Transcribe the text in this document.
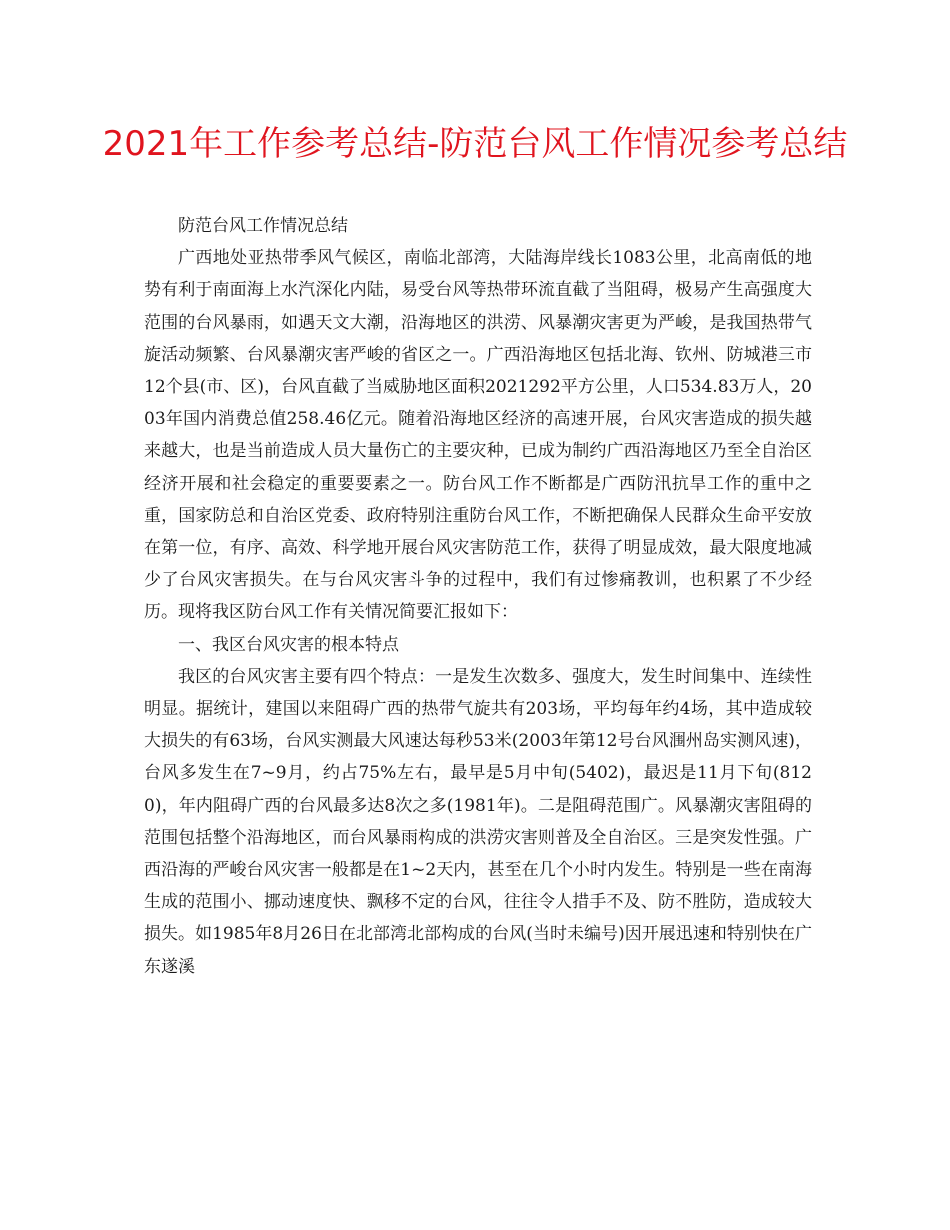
2021年工作参考总结-防范台风工作情况参考总结

防范台风工作情况总结

广西地处亚热带季风气候区，南临北部湾，大陆海岸线长1083公里，北高南低的地势有利于南面海上水汽深化内陆，易受台风等热带环流直截了当阻碍，极易产生高强度大范围的台风暴雨，如遇天文大潮，沿海地区的洪涝、风暴潮灾害更为严峻，是我国热带气旋活动频繁、台风暴潮灾害严峻的省区之一。广西沿海地区包括北海、钦州、防城港三市12个县(市、区)，台风直截了当威胁地区面积2021292平方公里，人口534.83万人，2003年国内消费总值258.46亿元。随着沿海地区经济的高速开展，台风灾害造成的损失越来越大，也是当前造成人员大量伤亡的主要灾种，已成为制约广西沿海地区乃至全自治区经济开展和社会稳定的重要要素之一。防台风工作不断都是广西防汛抗旱工作的重中之重，国家防总和自治区党委、政府特别注重防台风工作，不断把确保人民群众生命平安放在第一位，有序、高效、科学地开展台风灾害防范工作，获得了明显成效，最大限度地减少了台风灾害损失。在与台风灾害斗争的过程中，我们有过惨痛教训，也积累了不少经历。现将我区防台风工作有关情况简要汇报如下：

一、我区台风灾害的根本特点

我区的台风灾害主要有四个特点：一是发生次数多、强度大，发生时间集中、连续性明显。据统计，建国以来阻碍广西的热带气旋共有203场，平均每年约4场，其中造成较大损失的有63场，台风实测最大风速达每秒53米(2003年第12号台风涠州岛实测风速)，台风多发生在7~9月，约占75%左右，最早是5月中旬(5402)，最迟是11月下旬(8120)，年内阻碍广西的台风最多达8次之多(1981年)。二是阻碍范围广。风暴潮灾害阻碍的范围包括整个沿海地区，而台风暴雨构成的洪涝灾害则普及全自治区。三是突发性强。广西沿海的严峻台风灾害一般都是在1~2天内，甚至在几个小时内发生。特别是一些在南海生成的范围小、挪动速度快、飘移不定的台风，往往令人措手不及、防不胜防，造成较大损失。如1985年8月26日在北部湾北部构成的台风(当时未编号)因开展迅速和特别快在广东遂溪
